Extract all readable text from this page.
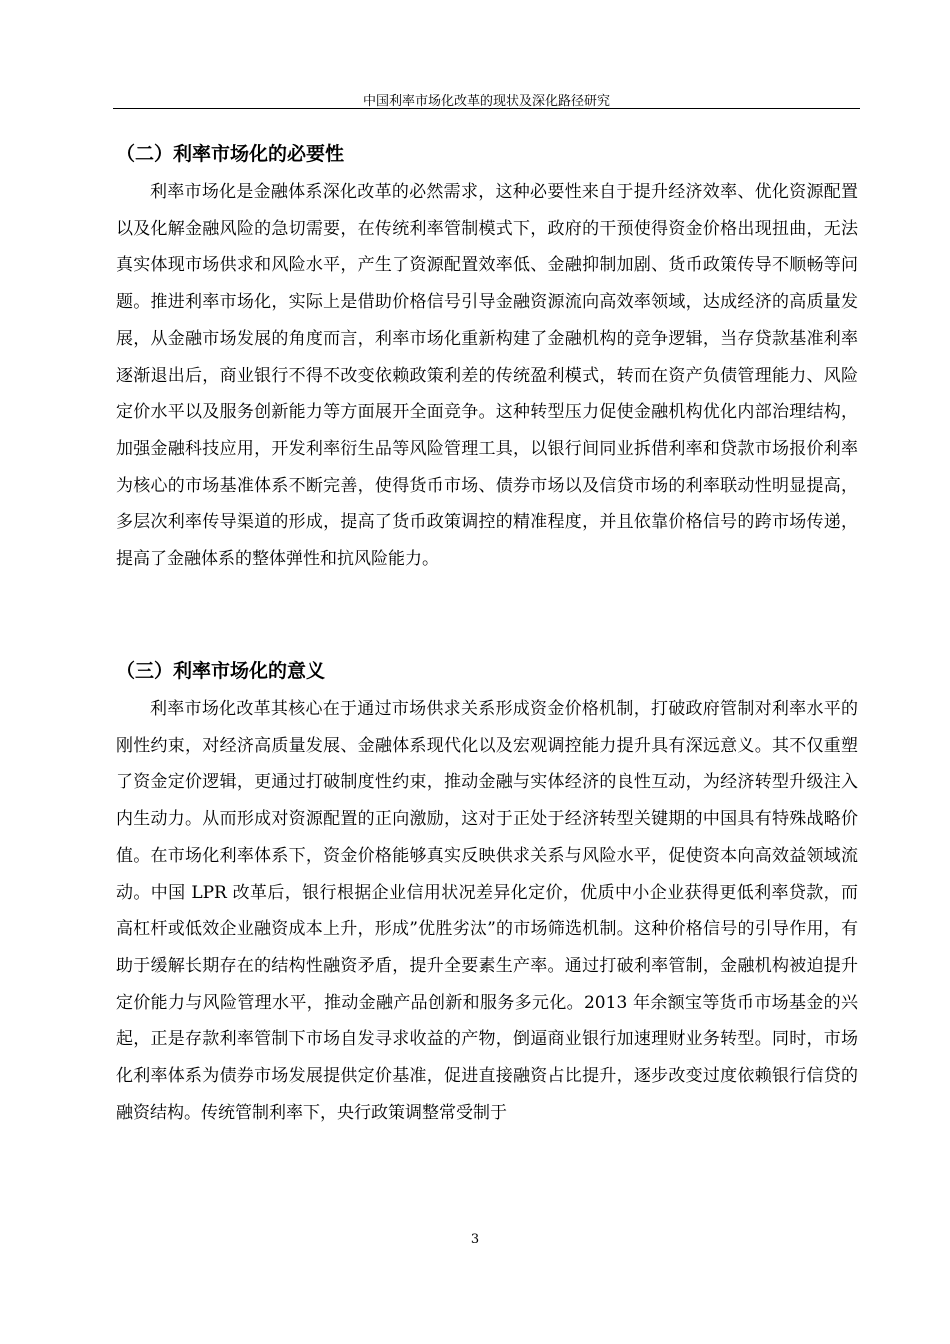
中国利率市场化改革的现状及深化路径研究
（二）利率市场化的必要性
利率市场化是金融体系深化改革的必然需求，这种必要性来自于提升经济效率、优化资源配置以及化解金融风险的急切需要，在传统利率管制模式下，政府的干预使得资金价格出现扭曲，无法真实体现市场供求和风险水平，产生了资源配置效率低、金融抑制加剧、货币政策传导不顺畅等问题。推进利率市场化，实际上是借助价格信号引导金融资源流向高效率领域，达成经济的高质量发展，从金融市场发展的角度而言，利率市场化重新构建了金融机构的竞争逻辑，当存贷款基准利率逐渐退出后，商业银行不得不改变依赖政策利差的传统盈利模式，转而在资产负债管理能力、风险定价水平以及服务创新能力等方面展开全面竞争。这种转型压力促使金融机构优化内部治理结构，加强金融科技应用，开发利率衍生品等风险管理工具，以银行间同业拆借利率和贷款市场报价利率为核心的市场基准体系不断完善，使得货币市场、债券市场以及信贷市场的利率联动性明显提高，多层次利率传导渠道的形成，提高了货币政策调控的精准程度，并且依靠价格信号的跨市场传递，提高了金融体系的整体弹性和抗风险能力。
（三）利率市场化的意义
利率市场化改革其核心在于通过市场供求关系形成资金价格机制，打破政府管制对利率水平的刚性约束，对经济高质量发展、金融体系现代化以及宏观调控能力提升具有深远意义。其不仅重塑了资金定价逻辑，更通过打破制度性约束，推动金融与实体经济的良性互动，为经济转型升级注入内生动力。从而形成对资源配置的正向激励，这对于正处于经济转型关键期的中国具有特殊战略价值。在市场化利率体系下，资金价格能够真实反映供求关系与风险水平，促使资本向高效益领域流动。中国 LPR 改革后，银行根据企业信用状况差异化定价，优质中小企业获得更低利率贷款，而高杠杆或低效企业融资成本上升，形成”优胜劣汰”的市场筛选机制。这种价格信号的引导作用，有助于缓解长期存在的结构性融资矛盾，提升全要素生产率。通过打破利率管制，金融机构被迫提升定价能力与风险管理水平，推动金融产品创新和服务多元化。2013 年余额宝等货币市场基金的兴起，正是存款利率管制下市场自发寻求收益的产物，倒逼商业银行加速理财业务转型。同时，市场化利率体系为债券市场发展提供定价基准，促进直接融资占比提升，逐步改变过度依赖银行信贷的融资结构。传统管制利率下，央行政策调整常受制于
3
